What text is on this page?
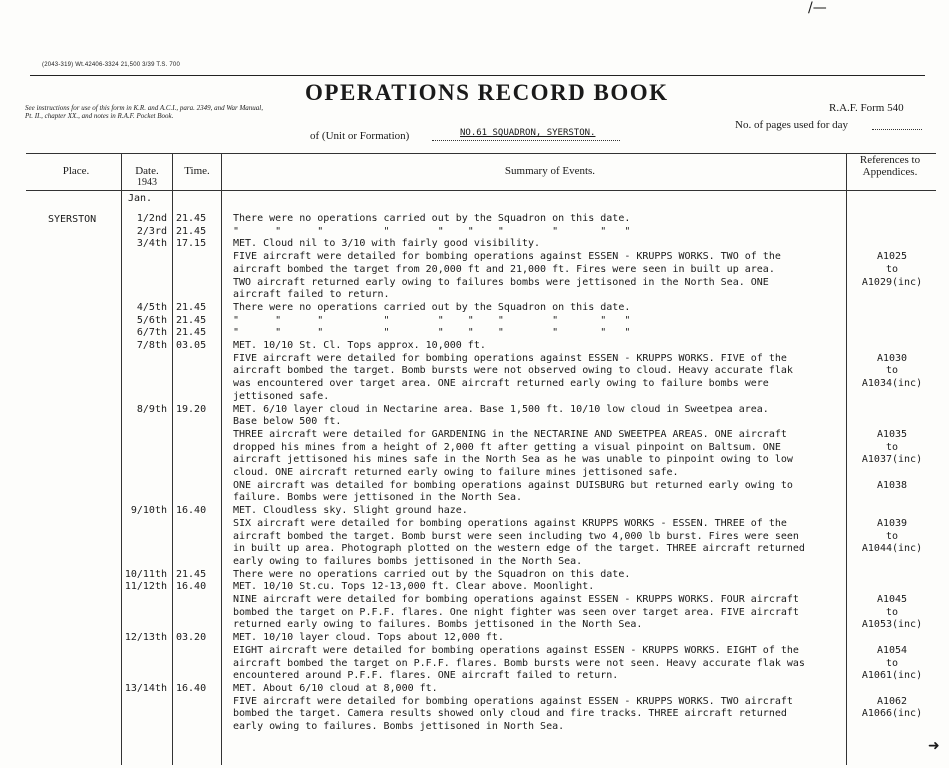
/—
(2043-319) Wt.42406-3324 21,500 3/39 T.S. 700
See instructions for use of this form in K.R. and A.C.I., para. 2349, and War Manual, Pt. II., chapter XX., and notes in R.A.F. Pocket Book.
OPERATIONS RECORD BOOK
of (Unit or Formation)	NO.61 SQUADRON, SYERSTON.
R.A.F. Form 540
No. of pages used for day
Place.	Date.
1943
Time.	Summary of Events.
References to Appendices.
Jan.
SYERSTON	1/2nd 21.45	There were no operations carried out by the Squadron on this date.
2/3rd 21.45	"      "      "          "        "    "    "        "       "   "
3/4th 17.15	MET. Cloud nil to 3/10 with fairly good visibility.
FIVE aircraft were detailed for bombing operations against ESSEN - KRUPPS WORKS. TWO of the	A1025
aircraft bombed the target from 20,000 ft and 21,000 ft. Fires were seen in built up area.	to
TWO aircraft returned early owing to failures bombs were jettisoned in the North Sea. ONE	A1029(inc)
aircraft failed to return.
4/5th 21.45	There were no operations carried out by the Squadron on this date.
5/6th 21.45	"      "      "          "        "    "    "        "       "   "
6/7th 21.45	"      "      "          "        "    "    "        "       "   "
7/8th 03.05	MET. 10/10 St. Cl. Tops approx. 10,000 ft.
FIVE aircraft were detailed for bombing operations against ESSEN - KRUPPS WORKS. FIVE of the	A1030
aircraft bombed the target. Bomb bursts were not observed owing to cloud. Heavy accurate flak	to
was encountered over target area. ONE aircraft returned early owing to failure bombs were	A1034(inc)
jettisoned safe.
8/9th 19.20	MET. 6/10 layer cloud in Nectarine area. Base 1,500 ft. 10/10 low cloud in Sweetpea area.
Base below 500 ft.
THREE aircraft were detailed for GARDENING in the NECTARINE AND SWEETPEA AREAS. ONE aircraft	A1035
dropped his mines from a height of 2,000 ft after getting a visual pinpoint on Baltsum. ONE	to
aircraft jettisoned his mines safe in the North Sea as he was unable to pinpoint owing to low	A1037(inc)
cloud. ONE aircraft returned early owing to failure mines jettisoned safe.
ONE aircraft was detailed for bombing operations against DUISBURG but returned early owing to	A1038
failure. Bombs were jettisoned in the North Sea.
9/10th 16.40	MET. Cloudless sky. Slight ground haze.
SIX aircraft were detailed for bombing operations against KRUPPS WORKS - ESSEN. THREE of the	A1039
aircraft bombed the target. Bomb burst were seen including two 4,000 lb burst. Fires were seen	to
in built up area. Photograph plotted on the western edge of the target. THREE aircraft returned	A1044(inc)
early owing to failures bombs jettisoned in the North Sea.
10/11th 21.45	There were no operations carried out by the Squadron on this date.
11/12th 16.40	MET. 10/10 St.cu. Tops 12-13,000 ft. Clear above. Moonlight.
NINE aircraft were detailed for bombing operations against ESSEN - KRUPPS WORKS. FOUR aircraft	A1045
bombed the target on P.F.F. flares. One night fighter was seen over target area. FIVE aircraft	to
returned early owing to failures. Bombs jettisoned in the North Sea.	A1053(inc)
12/13th 03.20	MET. 10/10 layer cloud. Tops about 12,000 ft.
EIGHT aircraft were detailed for bombing operations against ESSEN - KRUPPS WORKS. EIGHT of the	A1054
aircraft bombed the target on P.F.F. flares. Bomb bursts were not seen. Heavy accurate flak was	to
encountered around P.F.F. flares. ONE aircraft failed to return.	A1061(inc)
13/14th 16.40	MET. About 6/10 cloud at 8,000 ft.
FIVE aircraft were detailed for bombing operations against ESSEN - KRUPPS WORKS. TWO aircraft	A1062
bombed the target. Camera results showed only cloud and fire tracks. THREE aircraft returned	A1066(inc)
early owing to failures. Bombs jettisoned in North Sea.
➜
